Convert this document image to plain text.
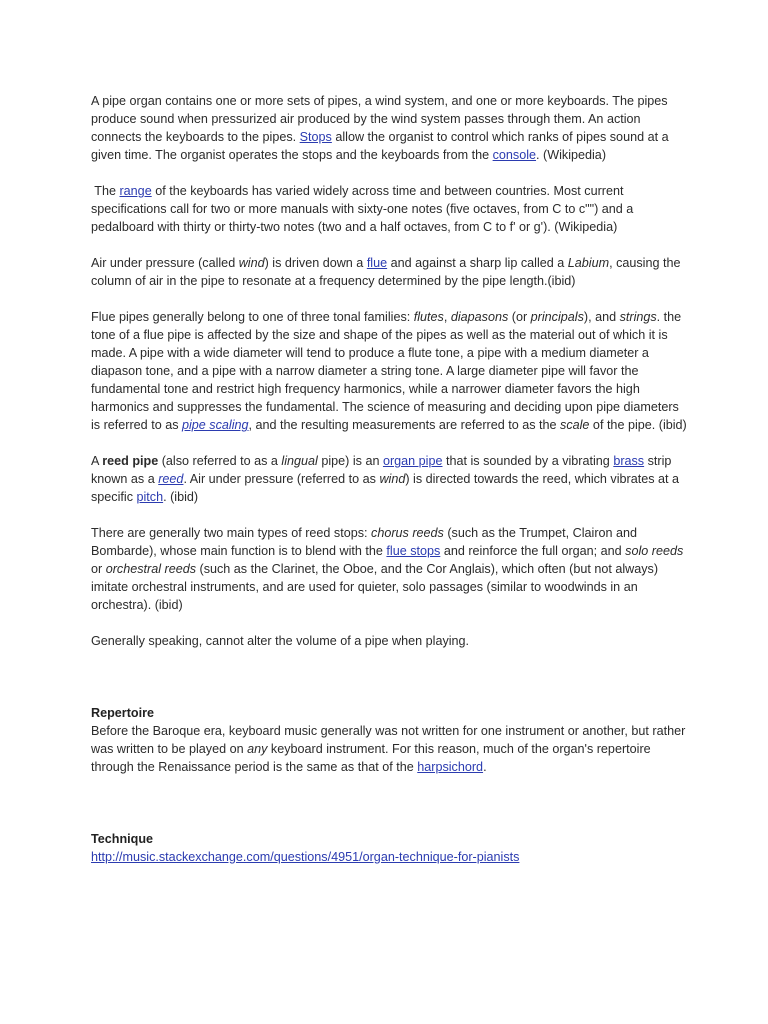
A pipe organ contains one or more sets of pipes, a wind system, and one or more keyboards. The pipes produce sound when pressurized air produced by the wind system passes through them. An action connects the keyboards to the pipes. Stops allow the organist to control which ranks of pipes sound at a given time. The organist operates the stops and the keyboards from the console. (Wikipedia)

The range of the keyboards has varied widely across time and between countries. Most current specifications call for two or more manuals with sixty-one notes (five octaves, from C to c"") and a pedalboard with thirty or thirty-two notes (two and a half octaves, from C to f' or g'). (Wikipedia)

Air under pressure (called wind) is driven down a flue and against a sharp lip called a Labium, causing the column of air in the pipe to resonate at a frequency determined by the pipe length.(ibid)

Flue pipes generally belong to one of three tonal families: flutes, diapasons (or principals), and strings. the tone of a flue pipe is affected by the size and shape of the pipes as well as the material out of which it is made. A pipe with a wide diameter will tend to produce a flute tone, a pipe with a medium diameter a diapason tone, and a pipe with a narrow diameter a string tone. A large diameter pipe will favor the fundamental tone and restrict high frequency harmonics, while a narrower diameter favors the high harmonics and suppresses the fundamental. The science of measuring and deciding upon pipe diameters is referred to as pipe scaling, and the resulting measurements are referred to as the scale of the pipe. (ibid)

A reed pipe (also referred to as a lingual pipe) is an organ pipe that is sounded by a vibrating brass strip known as a reed. Air under pressure (referred to as wind) is directed towards the reed, which vibrates at a specific pitch. (ibid)

There are generally two main types of reed stops: chorus reeds (such as the Trumpet, Clairon and Bombarde), whose main function is to blend with the flue stops and reinforce the full organ; and solo reeds or orchestral reeds (such as the Clarinet, the Oboe, and the Cor Anglais), which often (but not always) imitate orchestral instruments, and are used for quieter, solo passages (similar to woodwinds in an orchestra). (ibid)

Generally speaking, cannot alter the volume of a pipe when playing.

Repertoire
Before the Baroque era, keyboard music generally was not written for one instrument or another, but rather was written to be played on any keyboard instrument. For this reason, much of the organ's repertoire through the Renaissance period is the same as that of the harpsichord.
Technique
http://music.stackexchange.com/questions/4951/organ-technique-for-pianists
